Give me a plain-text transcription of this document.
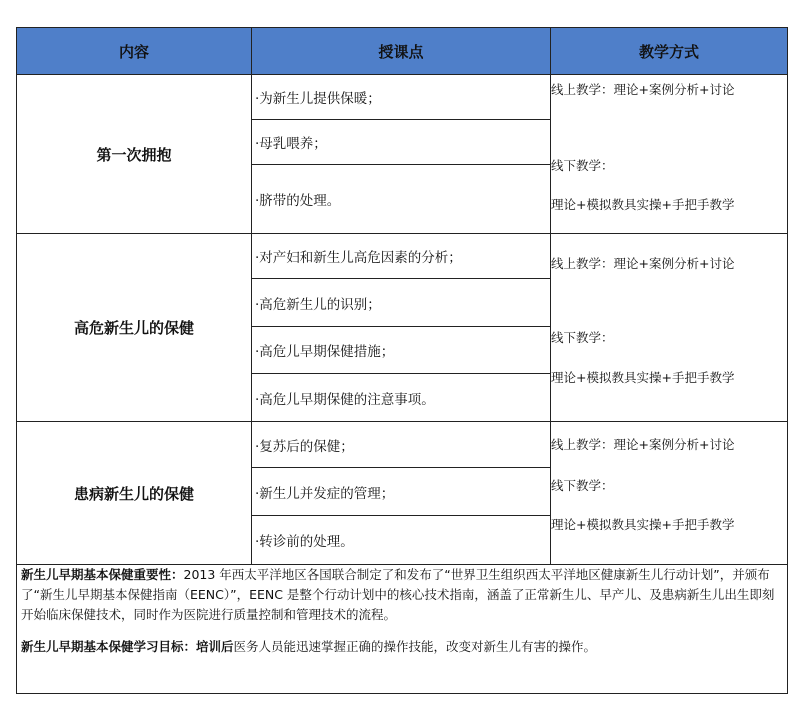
内容	授课点	教学方式
第一次拥抱
·为新生儿提供保暖；
·母乳喂养；
·脐带的处理。
线上教学：理论+案例分析+讨论
线下教学：
理论+模拟教具实操+手把手教学
高危新生儿的保健
·对产妇和新生儿高危因素的分析；
·高危新生儿的识别；
·高危儿早期保健措施；
·高危儿早期保健的注意事项。
线上教学：理论+案例分析+讨论
线下教学：
理论+模拟教具实操+手把手教学
患病新生儿的保健
·复苏后的保健；
·新生儿并发症的管理；
·转诊前的处理。
线上教学：理论+案例分析+讨论
线下教学：
理论+模拟教具实操+手把手教学

新生儿早期基本保健重要性：2013 年西太平洋地区各国联合制定了和发布了“世界卫生组织西太平洋地区健康新生儿行动计划”，并颁布了“新生儿早期基本保健指南（EENC）”，EENC 是整个行动计划中的核心技术指南，涵盖了正常新生儿、早产儿、及患病新生儿出生即刻开始临床保健技术，同时作为医院进行质量控制和管理技术的流程。

新生儿早期基本保健学习目标：培训后医务人员能迅速掌握正确的操作技能，改变对新生儿有害的操作。
